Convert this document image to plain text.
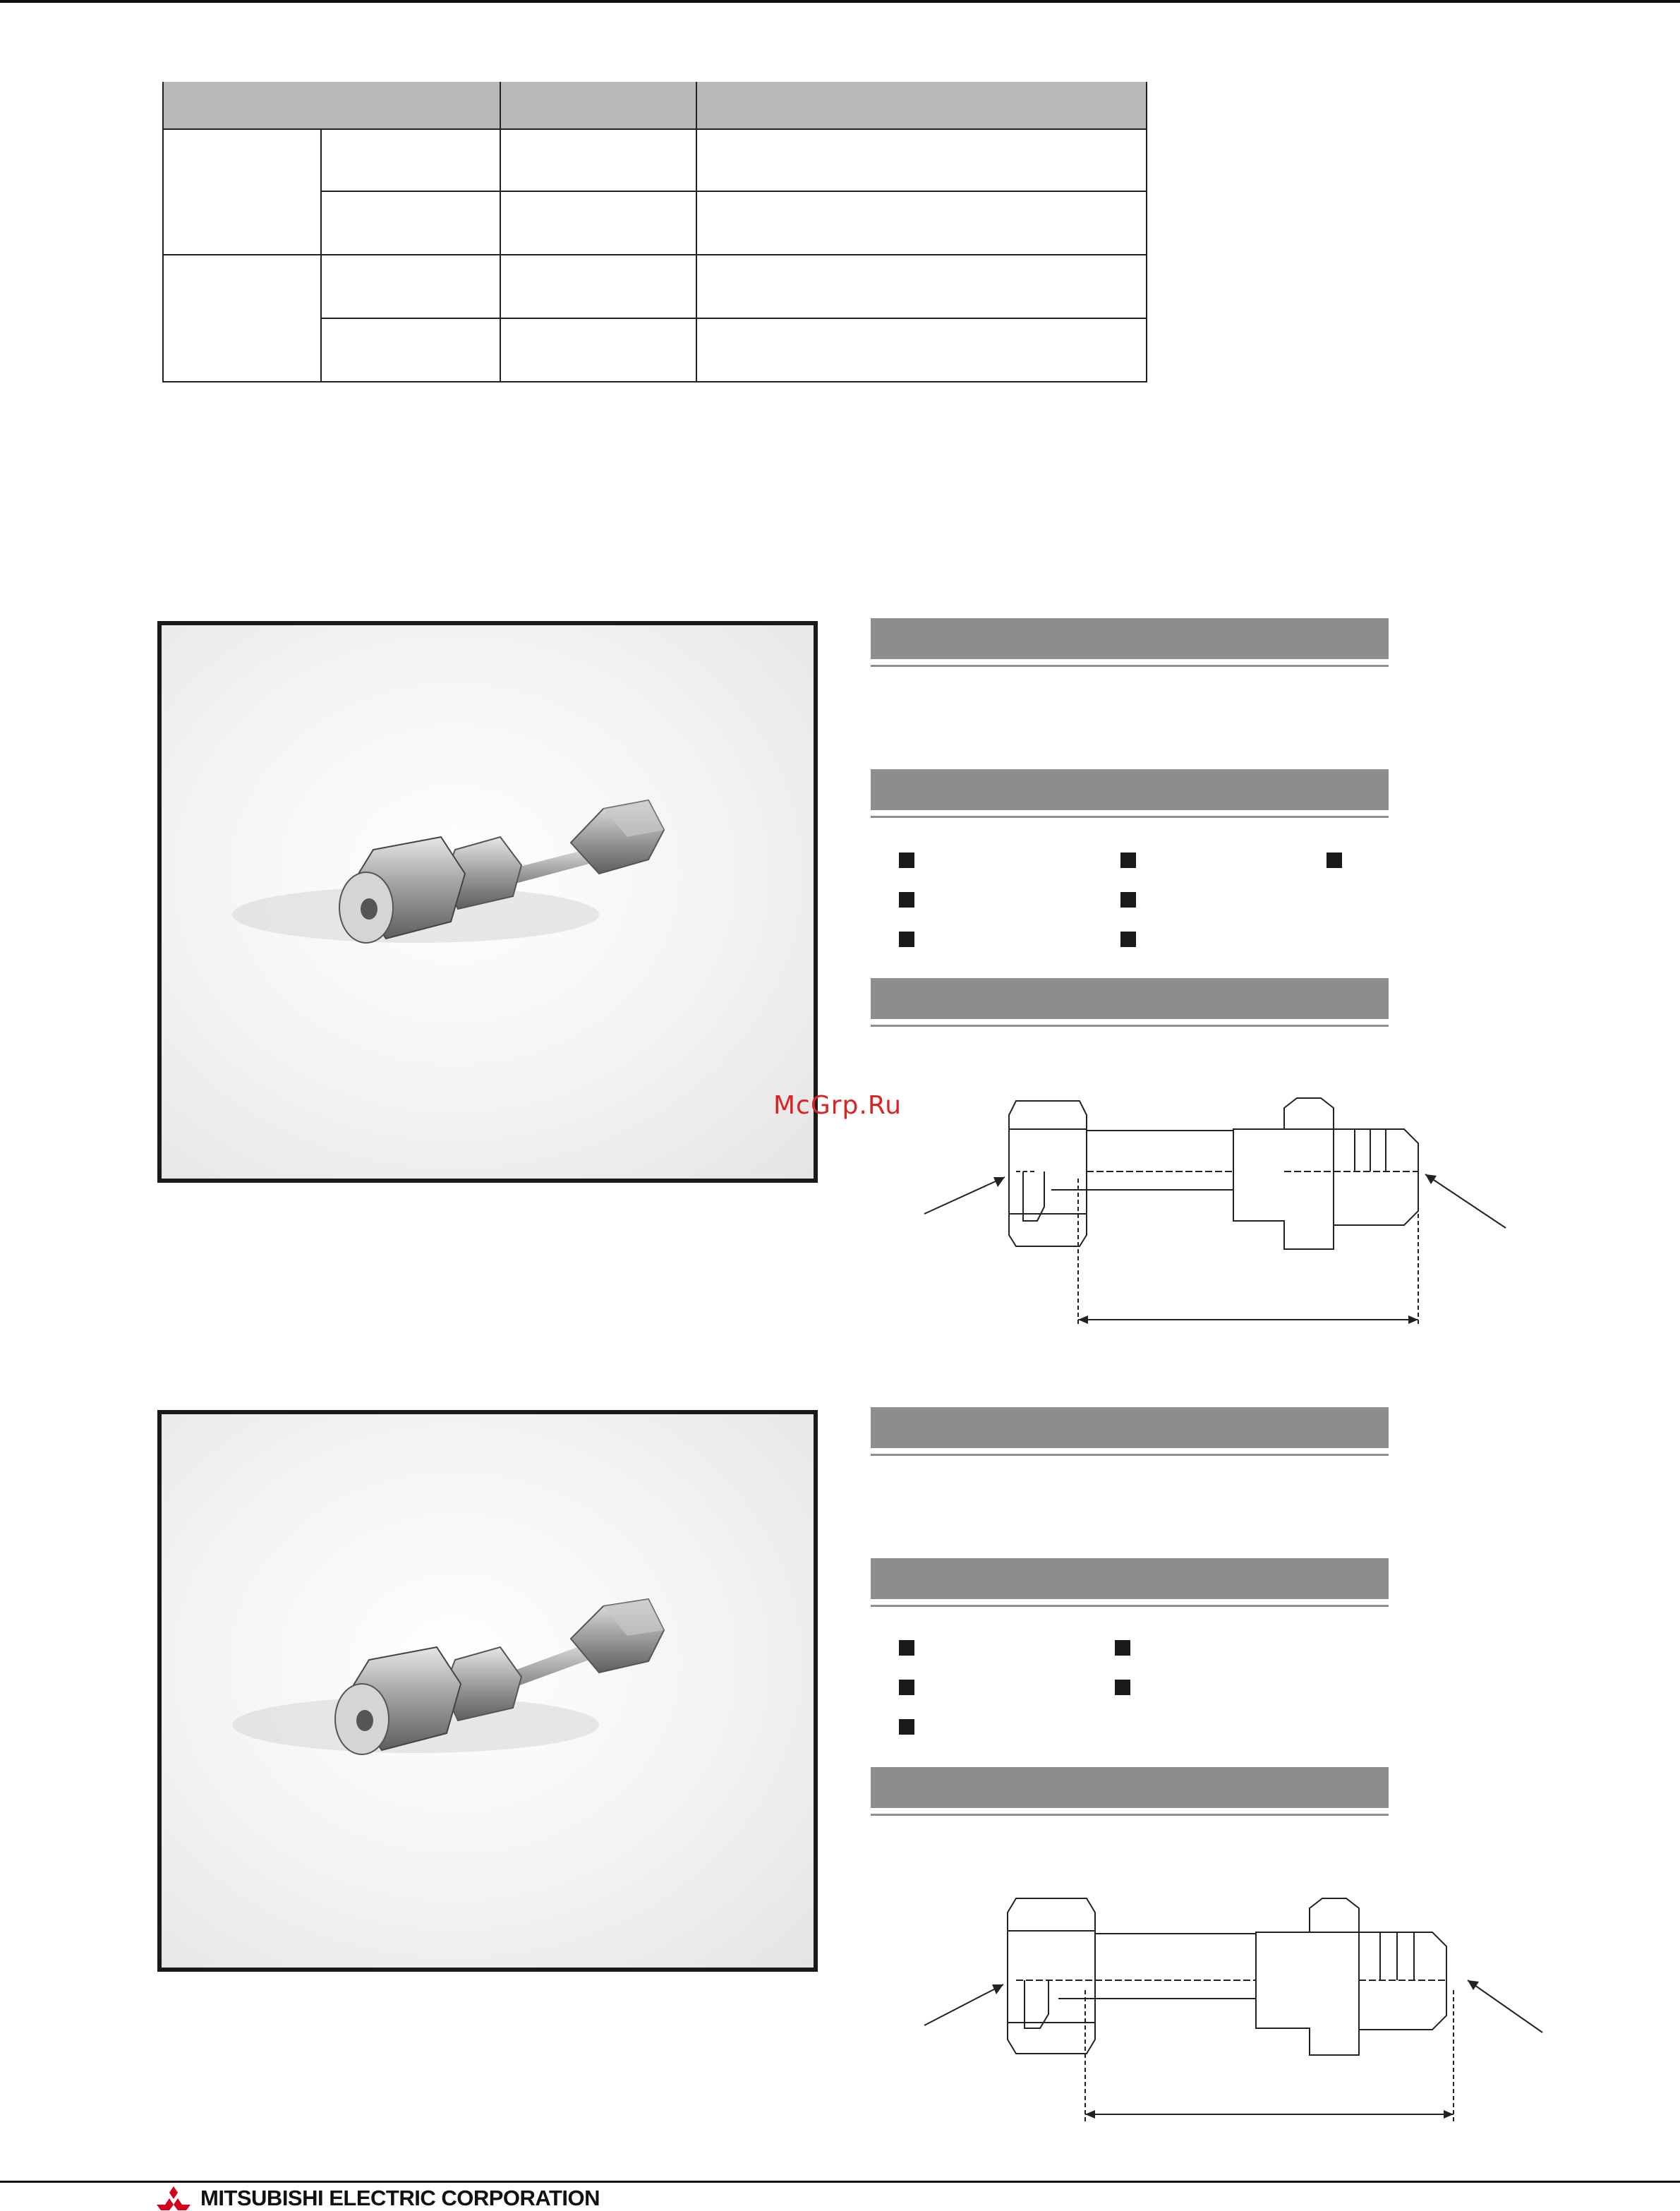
McGrp.Ru
MITSUBISHI ELECTRIC CORPORATION
